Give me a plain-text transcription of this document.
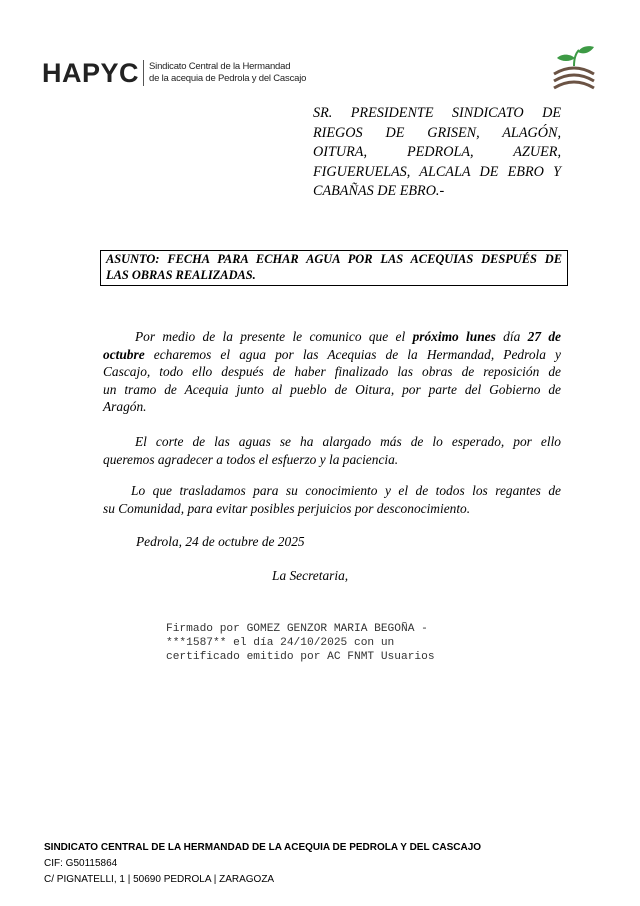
HAPYC Sindicato Central de la Hermandad
de la acequia de Pedrola y del Cascajo
SR. PRESIDENTE SINDICATO DE
RIEGOS DE GRISEN, ALAGÓN,
OITURA, PEDROLA, AZUER,
FIGUERUELAS, ALCALA DE EBRO Y
CABAÑAS DE EBRO.-
ASUNTO: FECHA PARA ECHAR AGUA POR LAS ACEQUIAS DESPUÉS DE
LAS OBRAS REALIZADAS.
Por medio de la presente le comunico que el próximo lunes día 27 de
octubre echaremos el agua por las Acequias de la Hermandad, Pedrola y
Cascajo, todo ello después de haber finalizado las obras de reposición de
un tramo de Acequia junto al pueblo de Oitura, por parte del Gobierno de
Aragón.
El corte de las aguas se ha alargado más de lo esperado, por ello
queremos agradecer a todos el esfuerzo y la paciencia.
Lo que trasladamos para su conocimiento y el de todos los regantes de
su Comunidad, para evitar posibles perjuicios por desconocimiento.
Pedrola, 24 de octubre de 2025
La Secretaria,
Firmado por GOMEZ GENZOR MARIA BEGOÑA -
***1587** el día 24/10/2025 con un
certificado emitido por AC FNMT Usuarios
SINDICATO CENTRAL DE LA HERMANDAD DE LA ACEQUIA DE PEDROLA Y DEL CASCAJO
CIF: G50115864
C/ PIGNATELLI, 1 | 50690 PEDROLA | ZARAGOZA
